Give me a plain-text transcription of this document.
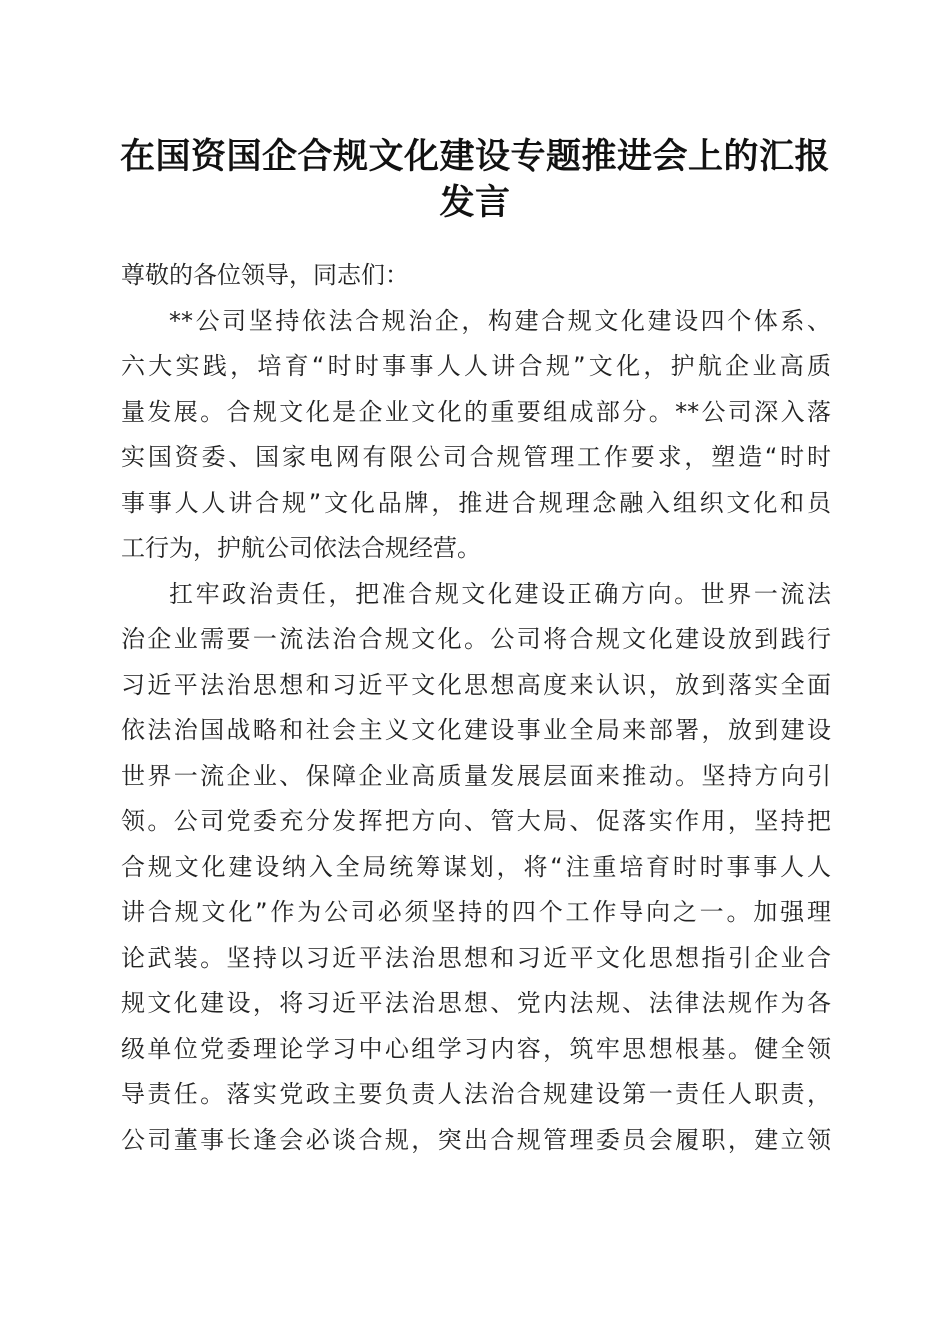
在国资国企合规文化建设专题推进会上的汇报
发言
尊敬的各位领导，同志们：
**公司坚持依法合规治企，构建合规文化建设四个体系、
六大实践，培育“时时事事人人讲合规”文化，护航企业高质
量发展。合规文化是企业文化的重要组成部分。**公司深入落
实国资委、国家电网有限公司合规管理工作要求，塑造“时时
事事人人讲合规”文化品牌，推进合规理念融入组织文化和员
工行为，护航公司依法合规经营。
扛牢政治责任，把准合规文化建设正确方向。世界一流法
治企业需要一流法治合规文化。公司将合规文化建设放到践行
习近平法治思想和习近平文化思想高度来认识，放到落实全面
依法治国战略和社会主义文化建设事业全局来部署，放到建设
世界一流企业、保障企业高质量发展层面来推动。坚持方向引
领。公司党委充分发挥把方向、管大局、促落实作用，坚持把
合规文化建设纳入全局统筹谋划，将“注重培育时时事事人人
讲合规文化”作为公司必须坚持的四个工作导向之一。加强理
论武装。坚持以习近平法治思想和习近平文化思想指引企业合
规文化建设，将习近平法治思想、党内法规、法律法规作为各
级单位党委理论学习中心组学习内容，筑牢思想根基。健全领
导责任。落实党政主要负责人法治合规建设第一责任人职责，
公司董事长逢会必谈合规，突出合规管理委员会履职，建立领
